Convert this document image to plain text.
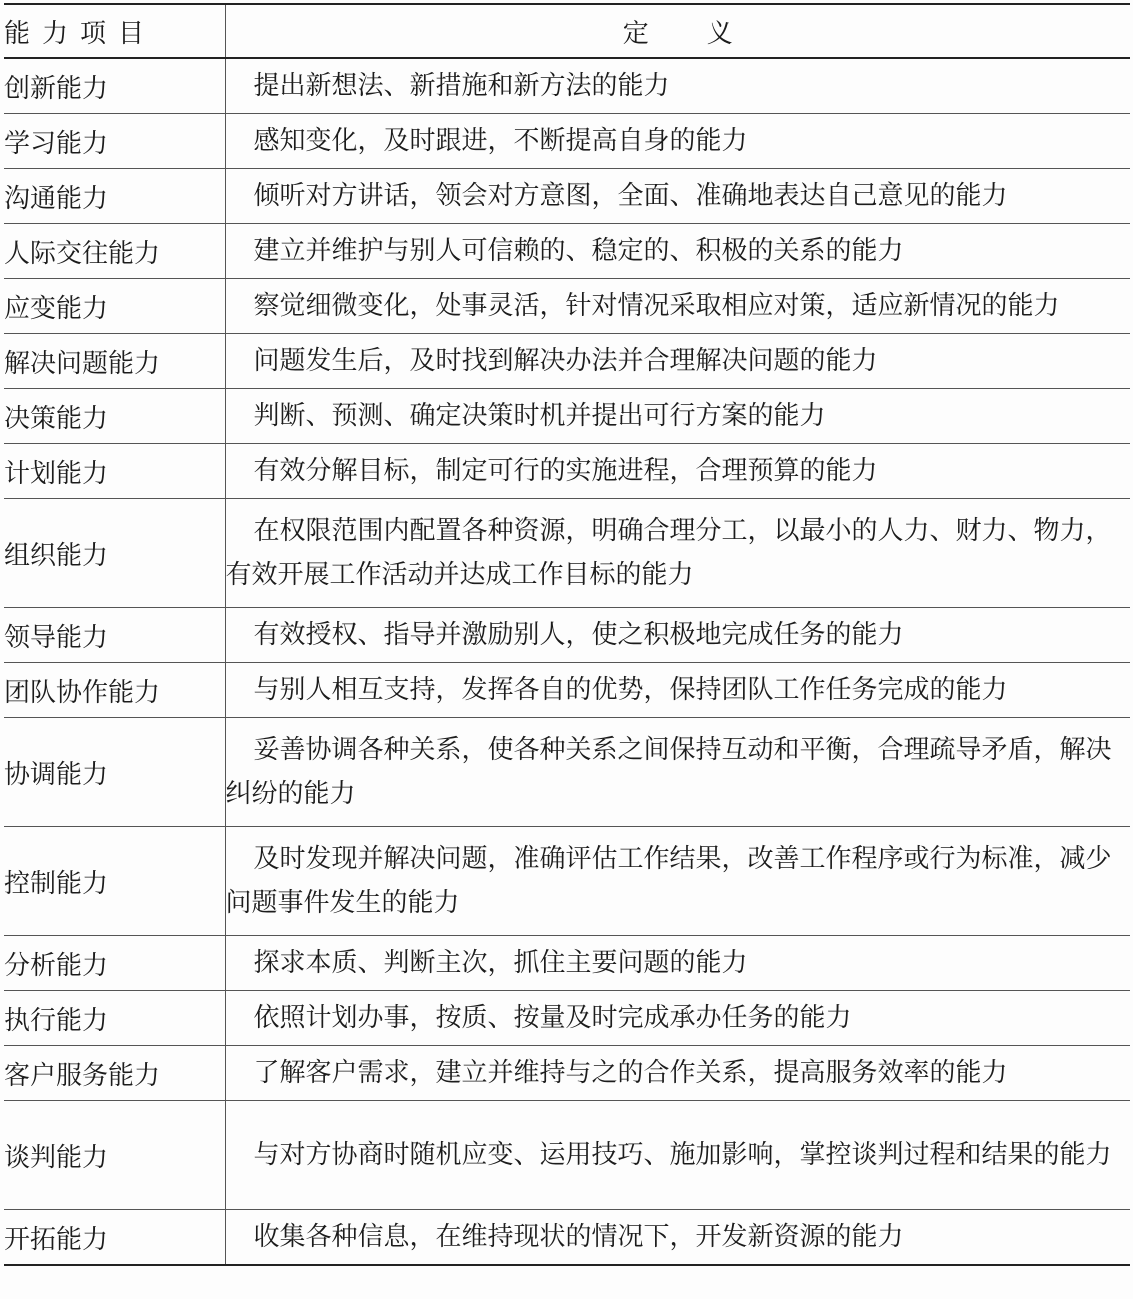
能力项目	定 义
创新能力	提出新想法、新措施和新方法的能力
学习能力	感知变化，及时跟进，不断提高自身的能力
沟通能力	倾听对方讲话，领会对方意图，全面、准确地表达自己意见的能力
人际交往能力	建立并维护与别人可信赖的、稳定的、积极的关系的能力
应变能力	察觉细微变化，处事灵活，针对情况采取相应对策，适应新情况的能力
解决问题能力	问题发生后，及时找到解决办法并合理解决问题的能力
决策能力	判断、预测、确定决策时机并提出可行方案的能力
计划能力	有效分解目标，制定可行的实施进程，合理预算的能力
组织能力	在权限范围内配置各种资源，明确合理分工，以最小的人力、财力、物力，有效开展工作活动并达成工作目标的能力
领导能力	有效授权、指导并激励别人，使之积极地完成任务的能力
团队协作能力	与别人相互支持，发挥各自的优势，保持团队工作任务完成的能力
协调能力	妥善协调各种关系，使各种关系之间保持互动和平衡，合理疏导矛盾，解决纠纷的能力
控制能力	及时发现并解决问题，准确评估工作结果，改善工作程序或行为标准，减少问题事件发生的能力
分析能力	探求本质、判断主次，抓住主要问题的能力
执行能力	依照计划办事，按质、按量及时完成承办任务的能力
客户服务能力	了解客户需求，建立并维持与之的合作关系，提高服务效率的能力
谈判能力	与对方协商时随机应变、运用技巧、施加影响，掌控谈判过程和结果的能力
开拓能力	收集各种信息，在维持现状的情况下，开发新资源的能力
